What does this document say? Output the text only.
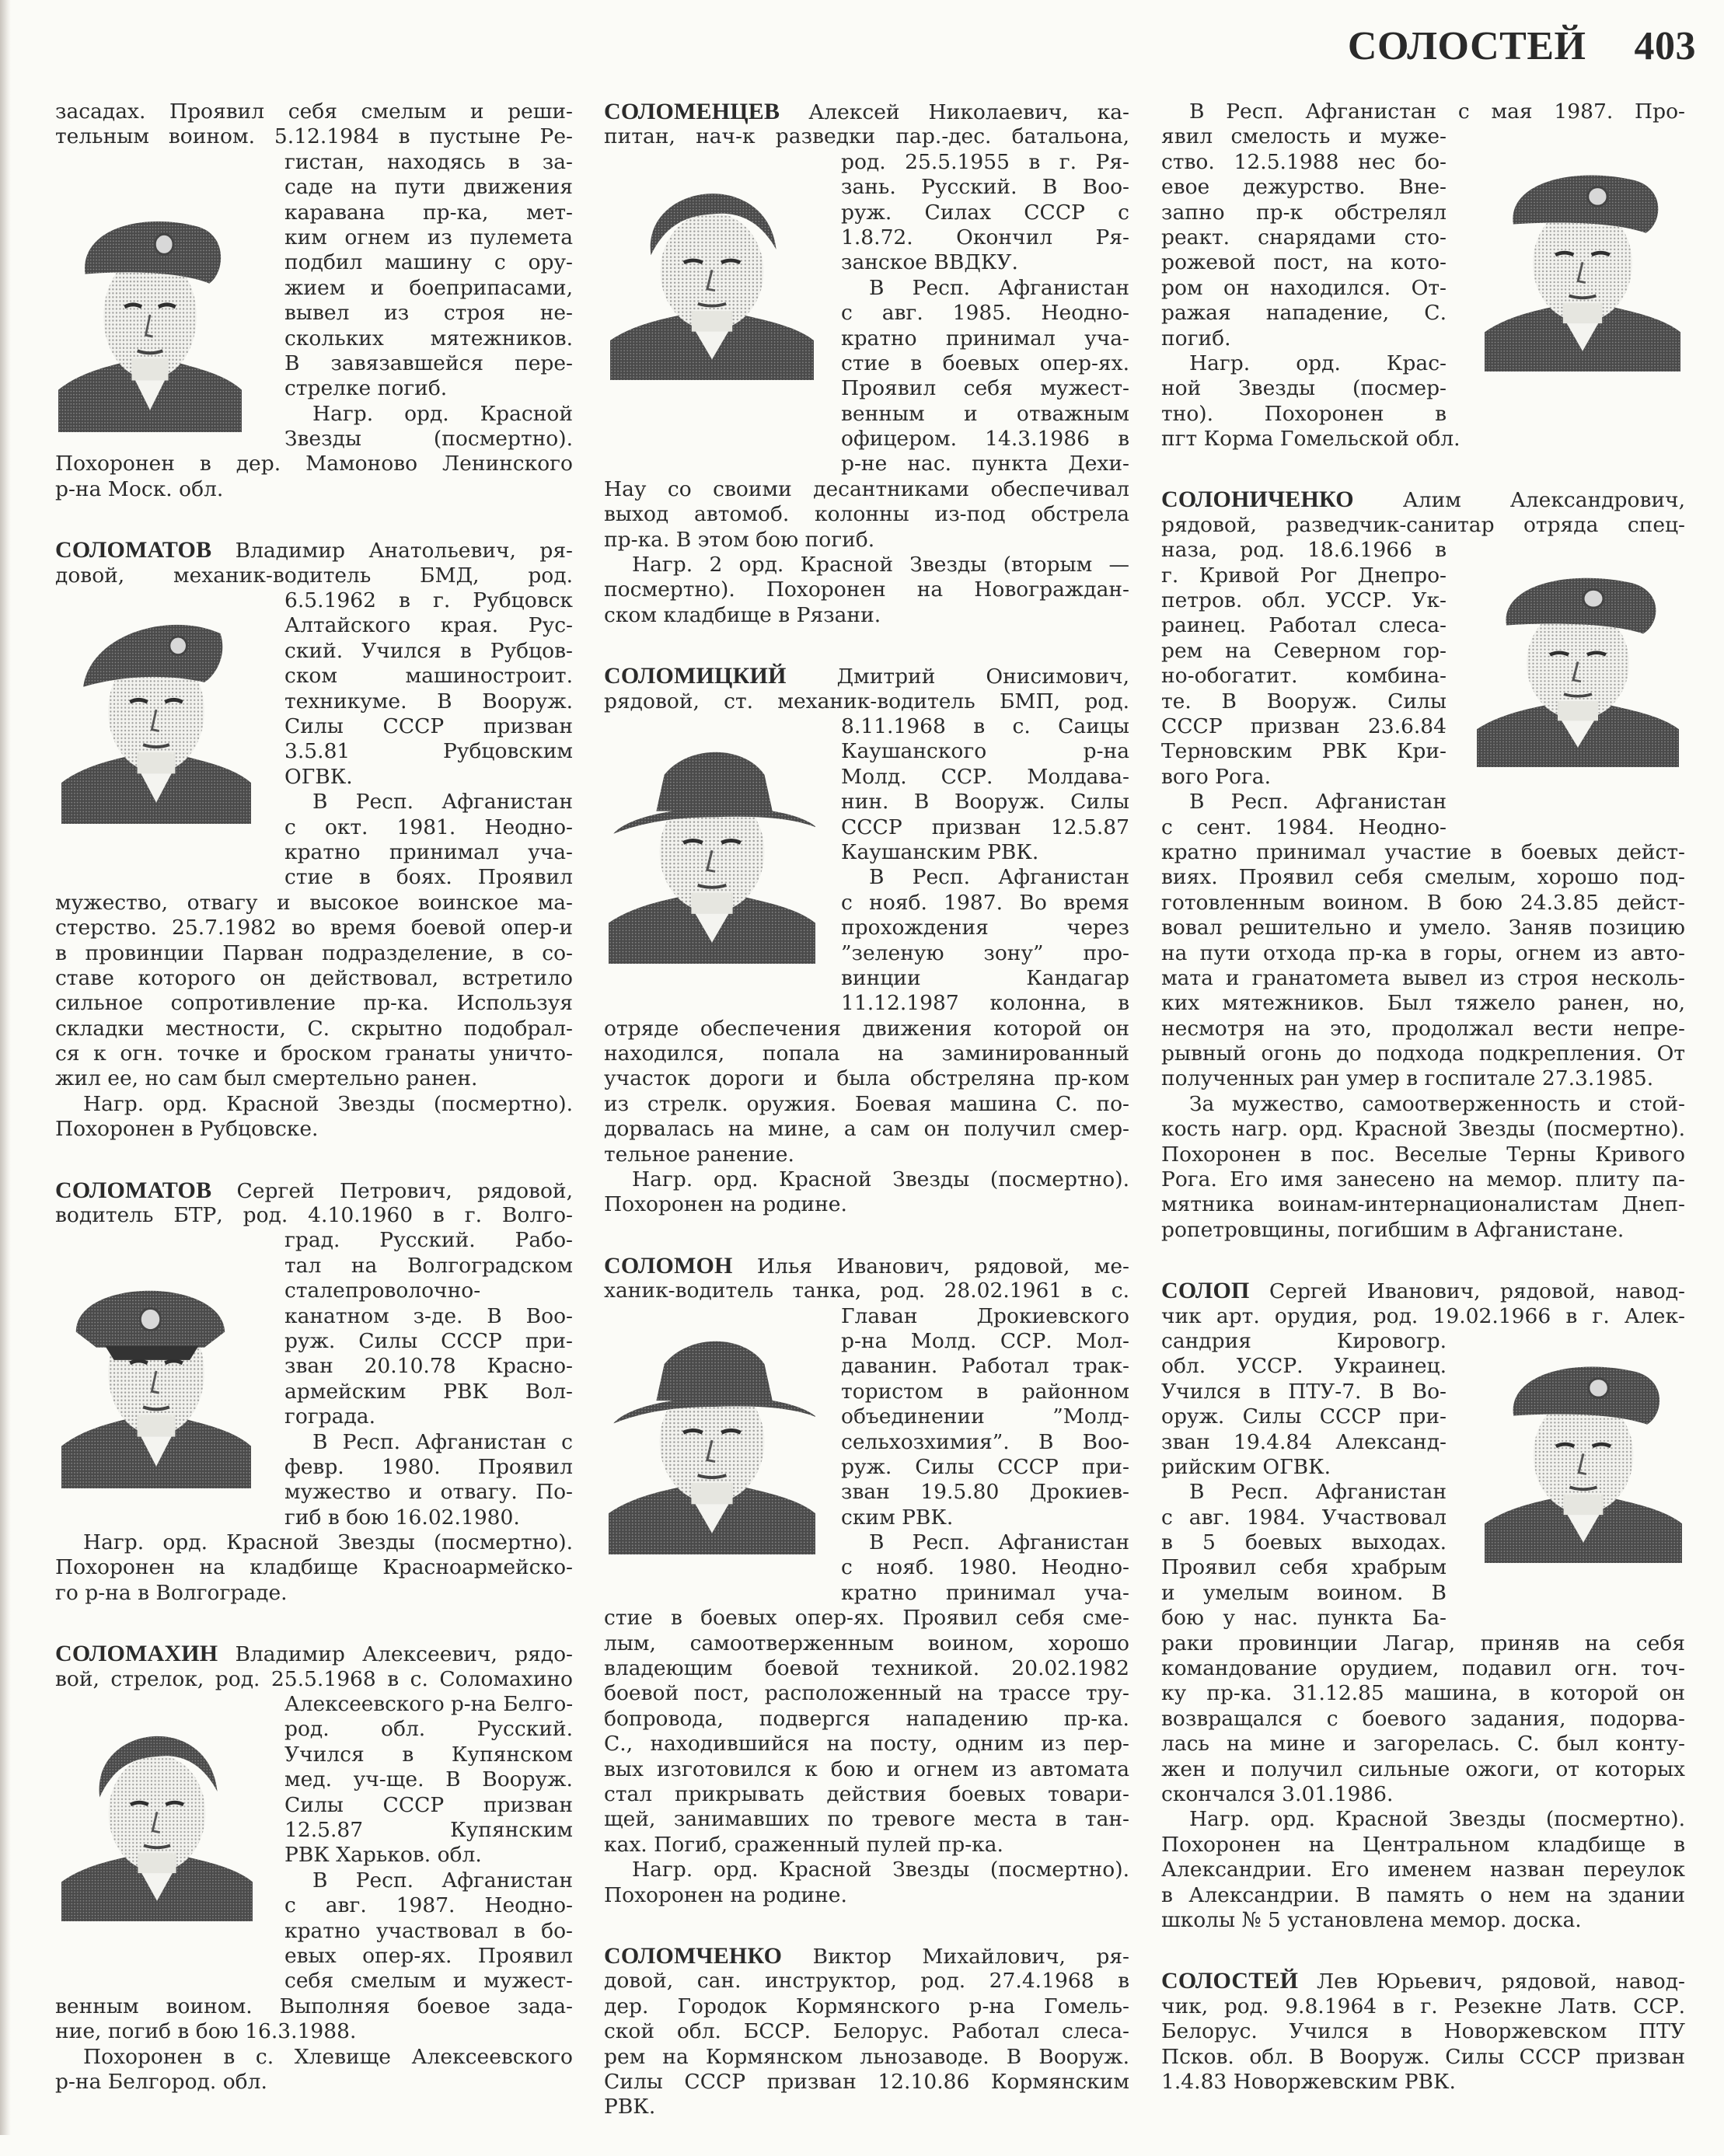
СОЛОСТЕЙ 403
засадах. Проявил себя смелым и реши-
тельным воином. 5.12.1984 в пустыне Ре-
гистан, находясь в за-
саде на пути движения
каравана пр-ка, мет-
ким огнем из пулемета
подбил машину с ору-
жием и боеприпасами,
вывел из строя не-
скольких мятежников.
В завязавшейся пере-
стрелке погиб.
Нагр. орд. Красной
Звезды (посмертно).
Похоронен в дер. Мамоново Ленинского
р-на Моск. обл.
СОЛОМАТОВ Владимир Анатольевич, ря-
довой, механик-водитель БМД, род.
6.5.1962 в г. Рубцовск
Алтайского края. Рус-
ский. Учился в Рубцов-
ском машиностроит.
техникуме. В Вооруж.
Силы СССР призван
3.5.81 Рубцовским
ОГВК.
В Респ. Афганистан
с окт. 1981. Неодно-
кратно принимал уча-
стие в боях. Проявил
мужество, отвагу и высокое воинское ма-
стерство. 25.7.1982 во время боевой опер-и
в провинции Парван подразделение, в со-
ставе которого он действовал, встретило
сильное сопротивление пр-ка. Используя
складки местности, С. скрытно подобрал-
ся к огн. точке и броском гранаты уничто-
жил ее, но сам был смертельно ранен.
Нагр. орд. Красной Звезды (посмертно).
Похоронен в Рубцовске.
СОЛОМАТОВ Сергей Петрович, рядовой,
водитель БТР, род. 4.10.1960 в г. Волго-
град. Русский. Рабо-
тал на Волгоградском
сталепроволочно-
канатном з-де. В Воо-
руж. Силы СССР при-
зван 20.10.78 Красно-
армейским РВК Вол-
гограда.
В Респ. Афганистан с
февр. 1980. Проявил
мужество и отвагу. По-
гиб в бою 16.02.1980.
Нагр. орд. Красной Звезды (посмертно).
Похоронен на кладбище Красноармейско-
го р-на в Волгограде.
СОЛОМАХИН Владимир Алексеевич, рядо-
вой, стрелок, род. 25.5.1968 в с. Соломахино
Алексеевского р-на Белго-
род. обл. Русский.
Учился в Купянском
мед. уч-ще. В Вооруж.
Силы СССР призван
12.5.87 Купянским
РВК Харьков. обл.
В Респ. Афганистан
с авг. 1987. Неодно-
кратно участвовал в бо-
евых опер-ях. Проявил
себя смелым и мужест-
венным воином. Выполняя боевое зада-
ние, погиб в бою 16.3.1988.
Похоронен в с. Хлевище Алексеевского
р-на Белгород. обл.
СОЛОМЕНЦЕВ Алексей Николаевич, ка-
питан, нач-к разведки пар.-дес. батальона,
род. 25.5.1955 в г. Ря-
зань. Русский. В Воо-
руж. Силах СССР с
1.8.72. Окончил Ря-
занское ВВДКУ.
В Респ. Афганистан
с авг. 1985. Неодно-
кратно принимал уча-
стие в боевых опер-ях.
Проявил себя мужест-
венным и отважным
офицером. 14.3.1986 в
р-не нас. пункта Дехи-
Нау со своими десантниками обеспечивал
выход автомоб. колонны из-под обстрела
пр-ка. В этом бою погиб.
Нагр. 2 орд. Красной Звезды (вторым —
посмертно). Похоронен на Новограждан-
ском кладбище в Рязани.
СОЛОМИЦКИЙ Дмитрий Онисимович,
рядовой, ст. механик-водитель БМП, род.
8.11.1968 в с. Саицы
Каушанского р-на
Молд. ССР. Молдава-
нин. В Вооруж. Силы
СССР призван 12.5.87
Каушанским РВК.
В Респ. Афганистан
с нояб. 1987. Во время
прохождения через
”зеленую зону” про-
винции Кандагар
11.12.1987 колонна, в
отряде обеспечения движения которой он
находился, попала на заминированный
участок дороги и была обстреляна пр-ком
из стрелк. оружия. Боевая машина С. по-
дорвалась на мине, а сам он получил смер-
тельное ранение.
Нагр. орд. Красной Звезды (посмертно).
Похоронен на родине.
СОЛОМОН Илья Иванович, рядовой, ме-
ханик-водитель танка, род. 28.02.1961 в с.
Главан Дрокиевского
р-на Молд. ССР. Мол-
даванин. Работал трак-
тористом в районном
объединении ”Молд-
сельхозхимия”. В Воо-
руж. Силы СССР при-
зван 19.5.80 Дрокиев-
ским РВК.
В Респ. Афганистан
с нояб. 1980. Неодно-
кратно принимал уча-
стие в боевых опер-ях. Проявил себя сме-
лым, самоотверженным воином, хорошо
владеющим боевой техникой. 20.02.1982
боевой пост, расположенный на трассе тру-
бопровода, подвергся нападению пр-ка.
С., находившийся на посту, одним из пер-
вых изготовился к бою и огнем из автомата
стал прикрывать действия боевых товари-
щей, занимавших по тревоге места в тан-
ках. Погиб, сраженный пулей пр-ка.
Нагр. орд. Красной Звезды (посмертно).
Похоронен на родине.
СОЛОМЧЕНКО Виктор Михайлович, ря-
довой, сан. инструктор, род. 27.4.1968 в
дер. Городок Кормянского р-на Гомель-
ской обл. БССР. Белорус. Работал слеса-
рем на Кормянском льнозаводе. В Вооруж.
Силы СССР призван 12.10.86 Кормянским
РВК.
В Респ. Афганистан с мая 1987. Про-
явил смелость и муже-
ство. 12.5.1988 нес бо-
евое дежурство. Вне-
запно пр-к обстрелял
реакт. снарядами сто-
рожевой пост, на кото-
ром он находился. От-
ражая нападение, С.
погиб.
Нагр. орд. Крас-
ной Звезды (посмер-
тно). Похоронен в
пгт Корма Гомельской обл.
СОЛОНИЧЕНКО Алим Александрович,
рядовой, разведчик-санитар отряда спец-
наза, род. 18.6.1966 в
г. Кривой Рог Днепро-
петров. обл. УССР. Ук-
раинец. Работал слеса-
рем на Северном гор-
но-обогатит. комбина-
те. В Вооруж. Силы
СССР призван 23.6.84
Терновским РВК Кри-
вого Рога.
В Респ. Афганистан
с сент. 1984. Неодно-
кратно принимал участие в боевых дейст-
виях. Проявил себя смелым, хорошо под-
готовленным воином. В бою 24.3.85 дейст-
вовал решительно и умело. Заняв позицию
на пути отхода пр-ка в горы, огнем из авто-
мата и гранатомета вывел из строя несколь-
ких мятежников. Был тяжело ранен, но,
несмотря на это, продолжал вести непре-
рывный огонь до подхода подкрепления. От
полученных ран умер в госпитале 27.3.1985.
За мужество, самоотверженность и стой-
кость нагр. орд. Красной Звезды (посмертно).
Похоронен в пос. Веселые Терны Кривого
Рога. Его имя занесено на мемор. плиту па-
мятника воинам-интернационалистам Днеп-
ропетровщины, погибшим в Афганистане.
СОЛОП Сергей Иванович, рядовой, навод-
чик арт. орудия, род. 19.02.1966 в г. Алек-
сандрия Кировогр.
обл. УССР. Украинец.
Учился в ПТУ-7. В Во-
оруж. Силы СССР при-
зван 19.4.84 Александ-
рийским ОГВК.
В Респ. Афганистан
с авг. 1984. Участвовал
в 5 боевых выходах.
Проявил себя храбрым
и умелым воином. В
бою у нас. пункта Ба-
раки провинции Лагар, приняв на себя
командование орудием, подавил огн. точ-
ку пр-ка. 31.12.85 машина, в которой он
возвращался с боевого задания, подорва-
лась на мине и загорелась. С. был конту-
жен и получил сильные ожоги, от которых
скончался 3.01.1986.
Нагр. орд. Красной Звезды (посмертно).
Похоронен на Центральном кладбище в
Александрии. Его именем назван переулок
в Александрии. В память о нем на здании
школы № 5 установлена мемор. доска.
СОЛОСТЕЙ Лев Юрьевич, рядовой, навод-
чик, род. 9.8.1964 в г. Резекне Латв. ССР.
Белорус. Учился в Новоржевском ПТУ
Псков. обл. В Вооруж. Силы СССР призван
1.4.83 Новоржевским РВК.
